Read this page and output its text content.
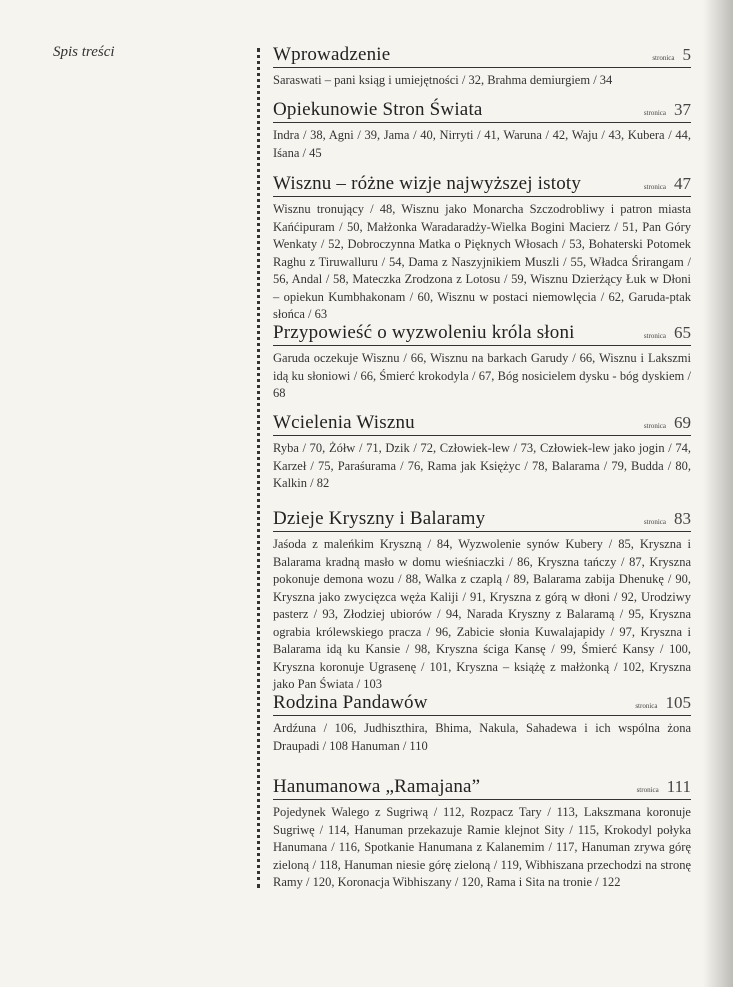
Spis treści	Wprowadzenie	stronica 5
Saraswati – pani ksiąg i umiejętności / 32, Brahma demiurgiem / 34
Opiekunowie Stron Świata	stronica 37
Indra / 38, Agni / 39, Jama / 40, Nirryti / 41, Waruna / 42, Waju / 43, Kubera / 44, Iśana / 45
Wisznu – różne wizje najwyższej istoty	stronica 47
Wisznu tronujący / 48, Wisznu jako Monarcha Szczodrobliwy i patron miasta Kańćipuram / 50, Małżonka Waradaradży-Wielka Bogini Macierz / 51, Pan Góry Wenkaty / 52, Dobroczynna Matka o Pięknych Włosach / 53, Bohaterski Potomek Raghu z Tiruwalluru / 54, Dama z Naszyjnikiem Muszli / 55, Władca Śrirangam / 56, Andal / 58, Mateczka Zrodzona z Lotosu / 59, Wisznu Dzierżący Łuk w Dłoni – opiekun Kumbhakonam / 60, Wisznu w postaci niemowlęcia / 62, Garuda-ptak słońca / 63
Przypowieść o wyzwoleniu króla słoni	stronica 65
Garuda oczekuje Wisznu / 66, Wisznu na barkach Garudy / 66, Wisznu i Lakszmi idą ku słoniowi / 66, Śmierć krokodyla / 67, Bóg nosicielem dysku - bóg dyskiem / 68
Wcielenia Wisznu	stronica 69
Ryba / 70, Żółw / 71, Dzik / 72, Człowiek-lew / 73, Człowiek-lew jako jogin / 74, Karzeł / 75, Paraśurama / 76, Rama jak Księżyc / 78, Balarama / 79, Budda / 80, Kalkin / 82
Dzieje Kryszny i Balaramy	stronica 83
Jaśoda z maleńkim Kryszną / 84, Wyzwolenie synów Kubery / 85, Kryszna i Balarama kradną masło w domu wieśniaczki / 86, Kryszna tańczy / 87, Kryszna pokonuje demona wozu / 88, Walka z czaplą / 89, Balarama zabija Dhenukę / 90, Kryszna jako zwycięzca węża Kaliji / 91, Kryszna z górą w dłoni / 92, Urodziwy pasterz / 93, Złodziej ubiorów / 94, Narada Kryszny z Balaramą / 95, Kryszna ograbia królewskiego pracza / 96, Zabicie słonia Kuwalajapidy / 97, Kryszna i Balarama idą ku Kansie / 98, Kryszna ściga Kansę / 99, Śmierć Kansy / 100, Kryszna koronuje Ugrasenę / 101, Kryszna – książę z małżonką / 102, Kryszna jako Pan Świata / 103
Rodzina Pandawów	stronica 105
Ardźuna / 106, Judhiszthira, Bhima, Nakula, Sahadewa i ich wspólna żona Draupadi / 108 Hanuman / 110
Hanumanowa „Ramajana”	stronica 111
Pojedynek Walego z Sugriwą / 112, Rozpacz Tary / 113, Lakszmana koronuje Sugriwę / 114, Hanuman przekazuje Ramie klejnot Sity / 115, Krokodyl połyka Hanumana / 116, Spotkanie Hanumana z Kalanemim / 117, Hanuman zrywa górę zieloną / 118, Hanuman niesie górę zieloną / 119, Wibhiszana przechodzi na stronę Ramy / 120, Koronacja Wibhiszany / 120, Rama i Sita na tronie / 122
